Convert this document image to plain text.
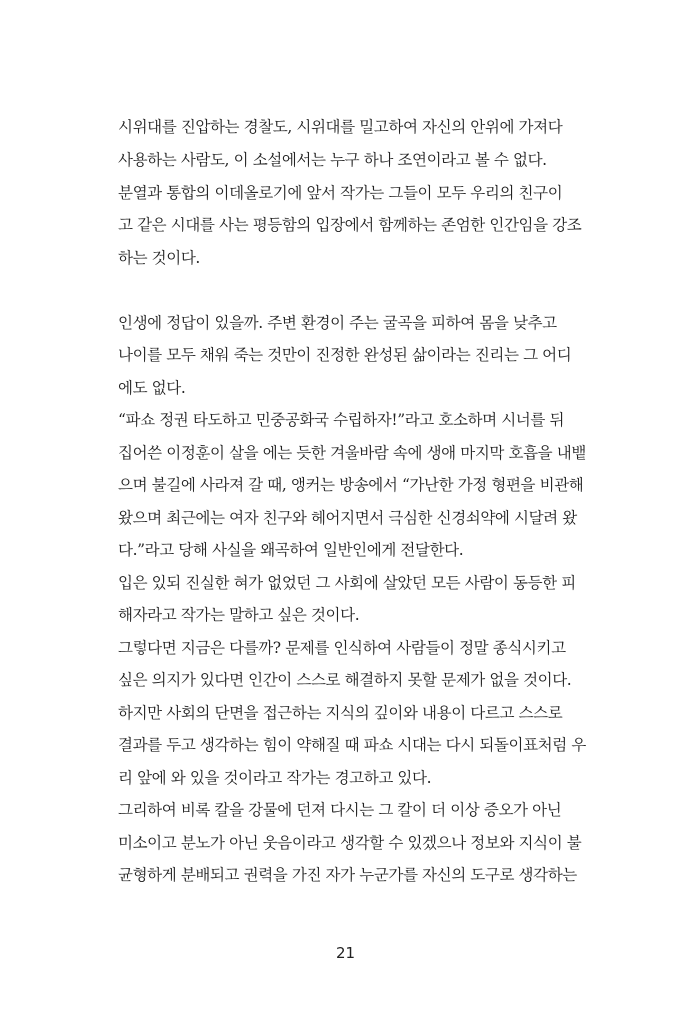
시위대를 진압하는 경찰도, 시위대를 밀고하여 자신의 안위에 가져다
사용하는 사람도, 이 소설에서는 누구 하나 조연이라고 볼 수 없다.
분열과 통합의 이데올로기에 앞서 작가는 그들이 모두 우리의 친구이
고 같은 시대를 사는 평등함의 입장에서 함께하는 존엄한 인간임을 강조
하는 것이다.
인생에 정답이 있을까. 주변 환경이 주는 굴곡을 피하여 몸을 낮추고
나이를 모두 채워 죽는 것만이 진정한 완성된 삶이라는 진리는 그 어디
에도 없다.
“파쇼 정권 타도하고 민중공화국 수립하자!”라고 호소하며 시너를 뒤
집어쓴 이정훈이 살을 에는 듯한 겨울바람 속에 생애 마지막 호흡을 내뱉
으며 불길에 사라져 갈 때, 앵커는 방송에서 “가난한 가정 형편을 비관해
왔으며 최근에는 여자 친구와 헤어지면서 극심한 신경쇠약에 시달려 왔
다.”라고 당해 사실을 왜곡하여 일반인에게 전달한다.
입은 있되 진실한 혀가 없었던 그 사회에 살았던 모든 사람이 동등한 피
해자라고 작가는 말하고 싶은 것이다.
그렇다면 지금은 다를까? 문제를 인식하여 사람들이 정말 종식시키고
싶은 의지가 있다면 인간이 스스로 해결하지 못할 문제가 없을 것이다.
하지만 사회의 단면을 접근하는 지식의 깊이와 내용이 다르고 스스로
결과를 두고 생각하는 힘이 약해질 때 파쇼 시대는 다시 되돌이표처럼 우
리 앞에 와 있을 것이라고 작가는 경고하고 있다.
그리하여 비록 칼을 강물에 던져 다시는 그 칼이 더 이상 증오가 아닌
미소이고 분노가 아닌 웃음이라고 생각할 수 있겠으나 정보와 지식이 불
균형하게 분배되고 권력을 가진 자가 누군가를 자신의 도구로 생각하는
21
